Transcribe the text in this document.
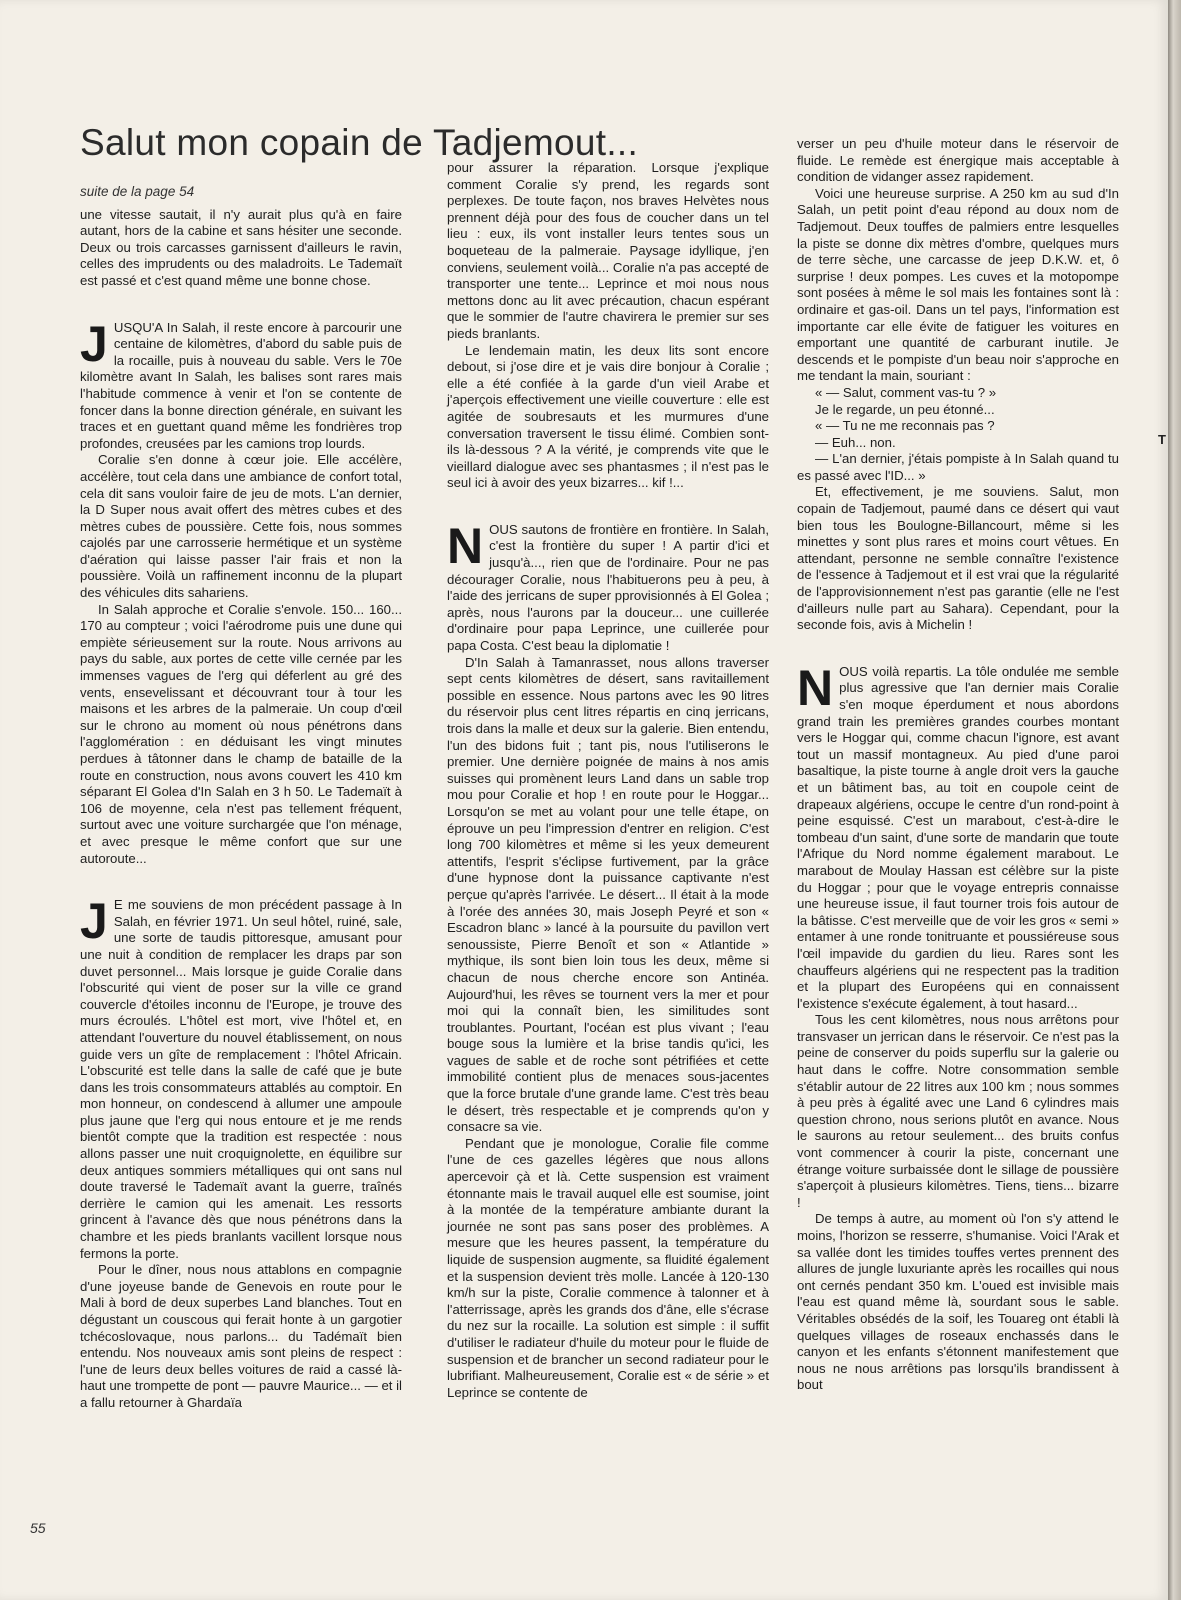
Salut mon copain de Tadjemout...
suite de la page 54

une vitesse sautait, il n'y aurait plus qu'à en faire autant, hors de la cabine et sans hésiter une seconde. Deux ou trois carcasses garnissent d'ailleurs le ravin, celles des imprudents ou des maladroits. Le Tademaït est passé et c'est quand même une bonne chose.

JUSQU'A In Salah, il reste encore à parcourir une centaine de kilomètres, d'abord du sable puis de la rocaille, puis à nouveau du sable. Vers le 70e kilomètre avant In Salah, les balises sont rares mais l'habitude commence à venir et l'on se contente de foncer dans la bonne direction générale, en suivant les traces et en guettant quand même les fondrières trop profondes, creusées par les camions trop lourds.

Coralie s'en donne à cœur joie. Elle accélère, accélère, tout cela dans une ambiance de confort total, cela dit sans vouloir faire de jeu de mots. L'an dernier, la D Super nous avait offert des mètres cubes et des mètres cubes de poussière. Cette fois, nous sommes cajolés par une carrosserie hermétique et un système d'aération qui laisse passer l'air frais et non la poussière. Voilà un raffinement inconnu de la plupart des véhicules dits sahariens.

In Salah approche et Coralie s'envole. 150... 160... 170 au compteur ; voici l'aérodrome puis une dune qui empiète sérieusement sur la route. Nous arrivons au pays du sable, aux portes de cette ville cernée par les immenses vagues de l'erg qui déferlent au gré des vents, ensevelissant et découvrant tour à tour les maisons et les arbres de la palmeraie. Un coup d'œil sur le chrono au moment où nous pénétrons dans l'agglomération : en déduisant les vingt minutes perdues à tâtonner dans le champ de bataille de la route en construction, nous avons couvert les 410 km séparant El Golea d'In Salah en 3 h 50. Le Tademaït à 106 de moyenne, cela n'est pas tellement fréquent, surtout avec une voiture surchargée que l'on ménage, et avec presque le même confort que sur une autoroute...

J E me souviens de mon précédent passage à In Salah, en février 1971. Un seul hôtel, ruiné, sale, une sorte de taudis pittoresque, amusant pour une nuit à condition de remplacer les draps par son duvet personnel... Mais lorsque je guide Coralie dans l'obscurité qui vient de poser sur la ville ce grand couvercle d'étoiles inconnu de l'Europe, je trouve des murs écroulés. L'hôtel est mort, vive l'hôtel et, en attendant l'ouverture du nouvel établissement, on nous guide vers un gîte de remplacement : l'hôtel Africain. L'obscurité est telle dans la salle de café que je bute dans les trois consommateurs attablés au comptoir. En mon honneur, on condescend à allumer une ampoule plus jaune que l'erg qui nous entoure et je me rends bientôt compte que la tradition est respectée : nous allons passer une nuit croquignolette, en équilibre sur deux antiques sommiers métalliques qui ont sans nul doute traversé le Tademaït avant la guerre, traînés derrière le camion qui les amenait. Les ressorts grincent à l'avance dès que nous pénétrons dans la chambre et les pieds branlants vacillent lorsque nous fermons la porte.

Pour le dîner, nous nous attablons en compagnie d'une joyeuse bande de Genevois en route pour le Mali à bord de deux superbes Land blanches. Tout en dégustant un couscous qui ferait honte à un gargotier tchécoslovaque, nous parlons... du Tadémaït bien entendu. Nos nouveaux amis sont pleins de respect : l'une de leurs deux belles voitures de raid a cassé là-haut une trompette de pont — pauvre Maurice... — et il a fallu retourner à Ghardaïa

pour assurer la réparation. Lorsque j'explique comment Coralie s'y prend, les regards sont perplexes. De toute façon, nos braves Helvètes nous prennent déjà pour des fous de coucher dans un tel lieu : eux, ils vont installer leurs tentes sous un boqueteau de la palmeraie. Paysage idyllique, j'en conviens, seulement voilà... Coralie n'a pas accepté de transporter une tente... Leprince et moi nous nous mettons donc au lit avec précaution, chacun espérant que le sommier de l'autre chavirera le premier sur ses pieds branlants.

Le lendemain matin, les deux lits sont encore debout, si j'ose dire et je vais dire bonjour à Coralie ; elle a été confiée à la garde d'un vieil Arabe et j'aperçois effectivement une vieille couverture : elle est agitée de soubresauts et les murmures d'une conversation traversent le tissu élimé. Combien sont-ils là-dessous ? A la vérité, je comprends vite que le vieillard dialogue avec ses phantasmes ; il n'est pas le seul ici à avoir des yeux bizarres... kif !...

NOUS sautons de frontière en frontière. In Salah, c'est la frontière du super ! A partir d'ici et jusqu'à..., rien que de l'ordinaire. Pour ne pas décourager Coralie, nous l'habituerons peu à peu, à l'aide des jerricans de super pprovisionnés à El Golea ; après, nous l'aurons par la douceur... une cuillerée d'ordinaire pour papa Leprince, une cuillerée pour papa Costa. C'est beau la diplomatie !

D'In Salah à Tamanrasset, nous allons traverser sept cents kilomètres de désert, sans ravitaillement possible en essence. Nous partons avec les 90 litres du réservoir plus cent litres répartis en cinq jerricans, trois dans la malle et deux sur la galerie. Bien entendu, l'un des bidons fuit ; tant pis, nous l'utiliserons le premier. Une dernière poignée de mains à nos amis suisses qui promènent leurs Land dans un sable trop mou pour Coralie et hop ! en route pour le Hoggar... Lorsqu'on se met au volant pour une telle étape, on éprouve un peu l'impression d'entrer en religion. C'est long 700 kilomètres et même si les yeux demeurent attentifs, l'esprit s'éclipse furtivement, par la grâce d'une hypnose dont la puissance captivante n'est perçue qu'après l'arrivée. Le désert... Il était à la mode à l'orée des années 30, mais Joseph Peyré et son « Escadron blanc » lancé à la poursuite du pavillon vert senoussiste, Pierre Benoît et son « Atlantide » mythique, ils sont bien loin tous les deux, même si chacun de nous cherche encore son Antinéa. Aujourd'hui, les rêves se tournent vers la mer et pour moi qui la connaît bien, les similitudes sont troublantes. Pourtant, l'océan est plus vivant ; l'eau bouge sous la lumière et la brise tandis qu'ici, les vagues de sable et de roche sont pétrifiées et cette immobilité contient plus de menaces sous-jacentes que la force brutale d'une grande lame. C'est très beau le désert, très respectable et je comprends qu'on y consacre sa vie.

Pendant que je monologue, Coralie file comme l'une de ces gazelles légères que nous allons apercevoir çà et là. Cette suspension est vraiment étonnante mais le travail auquel elle est soumise, joint à la montée de la température ambiante durant la journée ne sont pas sans poser des problèmes. A mesure que les heures passent, la température du liquide de suspension augmente, sa fluidité également et la suspension devient très molle. Lancée à 120-130 km/h sur la piste, Coralie commence à talonner et à l'atterrissage, après les grands dos d'âne, elle s'écrase du nez sur la rocaille. La solution est simple : il suffit d'utiliser le radiateur d'huile du moteur pour le fluide de suspension et de brancher un second radiateur pour le lubrifiant. Malheureusement, Coralie est « de série » et Leprince se contente de

verser un peu d'huile moteur dans le réservoir de fluide. Le remède est énergique mais acceptable à condition de vidanger assez rapidement.

Voici une heureuse surprise. A 250 km au sud d'In Salah, un petit point d'eau répond au doux nom de Tadjemout. Deux touffes de palmiers entre lesquelles la piste se donne dix mètres d'ombre, quelques murs de terre sèche, une carcasse de jeep D.K.W. et, ô surprise ! deux pompes. Les cuves et la motopompe sont posées à même le sol mais les fontaines sont là : ordinaire et gas-oil. Dans un tel pays, l'information est importante car elle évite de fatiguer les voitures en emportant une quantité de carburant inutile. Je descends et le pompiste d'un beau noir s'approche en me tendant la main, souriant :

« — Salut, comment vas-tu ? »

Je le regarde, un peu étonné...

« — Tu ne me reconnais pas ?

— Euh... non.

— L'an dernier, j'étais pompiste à In Salah quand tu es passé avec l'ID... »

Et, effectivement, je me souviens. Salut, mon copain de Tadjemout, paumé dans ce désert qui vaut bien tous les Boulogne-Billancourt, même si les minettes y sont plus rares et moins court vêtues. En attendant, personne ne semble connaître l'existence de l'essence à Tadjemout et il est vrai que la régularité de l'approvisionnement n'est pas garantie (elle ne l'est d'ailleurs nulle part au Sahara). Cependant, pour la seconde fois, avis à Michelin !

NOUS voilà repartis. La tôle ondulée me semble plus agressive que l'an dernier mais Coralie s'en moque éperdument et nous abordons grand train les premières grandes courbes montant vers le Hoggar qui, comme chacun l'ignore, est avant tout un massif montagneux. Au pied d'une paroi basaltique, la piste tourne à angle droit vers la gauche et un bâtiment bas, au toit en coupole ceint de drapeaux algériens, occupe le centre d'un rond-point à peine esquissé. C'est un marabout, c'est-à-dire le tombeau d'un saint, d'une sorte de mandarin que toute l'Afrique du Nord nomme également marabout. Le marabout de Moulay Hassan est célèbre sur la piste du Hoggar ; pour que le voyage entrepris connaisse une heureuse issue, il faut tourner trois fois autour de la bâtisse. C'est merveille que de voir les gros « semi » entamer à une ronde tonitruante et poussiéreuse sous l'œil impavide du gardien du lieu. Rares sont les chauffeurs algériens qui ne respectent pas la tradition et la plupart des Européens qui en connaissent l'existence s'exécute également, à tout hasard...

Tous les cent kilomètres, nous nous arrêtons pour transvaser un jerrican dans le réservoir. Ce n'est pas la peine de conserver du poids superflu sur la galerie ou haut dans le coffre. Notre consommation semble s'établir autour de 22 litres aux 100 km ; nous sommes à peu près à égalité avec une Land 6 cylindres mais question chrono, nous serions plutôt en avance. Nous le saurons au retour seulement... des bruits confus vont commencer à courir la piste, concernant une étrange voiture surbaissée dont le sillage de poussière s'aperçoit à plusieurs kilomètres. Tiens, tiens... bizarre !

De temps à autre, au moment où l'on s'y attend le moins, l'horizon se resserre, s'humanise. Voici l'Arak et sa vallée dont les timides touffes vertes prennent des allures de jungle luxuriante après les rocailles qui nous ont cernés pendant 350 km. L'oued est invisible mais l'eau est quand même là, sourdant sous le sable. Véritables obsédés de la soif, les Touareg ont établi là quelques villages de roseaux enchassés dans le canyon et les enfants s'étonnent manifestement que nous ne nous arrêtions pas lorsqu'ils brandissent à bout

55
T
